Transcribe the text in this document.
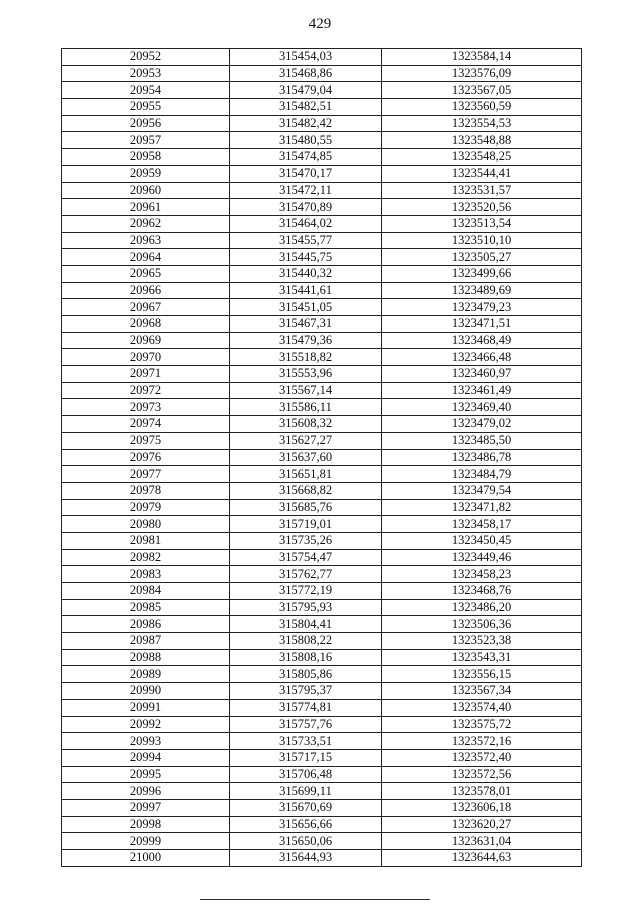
429
20952	315454,03	1323584,14
20953	315468,86	1323576,09
20954	315479,04	1323567,05
20955	315482,51	1323560,59
20956	315482,42	1323554,53
20957	315480,55	1323548,88
20958	315474,85	1323548,25
20959	315470,17	1323544,41
20960	315472,11	1323531,57
20961	315470,89	1323520,56
20962	315464,02	1323513,54
20963	315455,77	1323510,10
20964	315445,75	1323505,27
20965	315440,32	1323499,66
20966	315441,61	1323489,69
20967	315451,05	1323479,23
20968	315467,31	1323471,51
20969	315479,36	1323468,49
20970	315518,82	1323466,48
20971	315553,96	1323460,97
20972	315567,14	1323461,49
20973	315586,11	1323469,40
20974	315608,32	1323479,02
20975	315627,27	1323485,50
20976	315637,60	1323486,78
20977	315651,81	1323484,79
20978	315668,82	1323479,54
20979	315685,76	1323471,82
20980	315719,01	1323458,17
20981	315735,26	1323450,45
20982	315754,47	1323449,46
20983	315762,77	1323458,23
20984	315772,19	1323468,76
20985	315795,93	1323486,20
20986	315804,41	1323506,36
20987	315808,22	1323523,38
20988	315808,16	1323543,31
20989	315805,86	1323556,15
20990	315795,37	1323567,34
20991	315774,81	1323574,40
20992	315757,76	1323575,72
20993	315733,51	1323572,16
20994	315717,15	1323572,40
20995	315706,48	1323572,56
20996	315699,11	1323578,01
20997	315670,69	1323606,18
20998	315656,66	1323620,27
20999	315650,06	1323631,04
21000	315644,93	1323644,63
